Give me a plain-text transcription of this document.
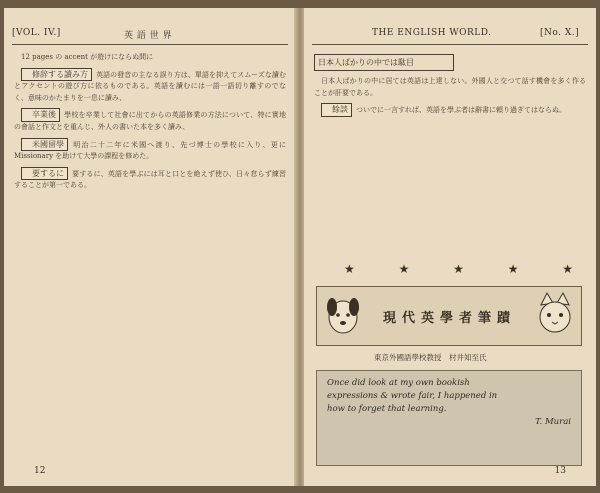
[VOL. IV.]	英 語 世 界

12 pages の accent が遊けにならぬ間に

修辞する讀み方 英語の發音の主なる誤り方は、單語を抑えてスムーズな讀むとアクセントの遊び方に依るものである。英語を讀むには一語一語切り離すのでなく、意味のかたまりを一息に讀み、

卒業後 學校を卒業して社會に出てからの英語修業の方法について、特に實地の會話と作文とを重んじ、外人の書いた本を多く讀み、

米國留學 明治二十二年に米國へ渡り、先づ博士の學校に入り、更に Missionary を助けて大學の課程を修めた。

要するに 要するに、英語を學ぶには耳と口とを絶えず使ひ、日々怠らず練習することが第一である。

12
THE ENGLISH WORLD.	[No. X.]
日本人ばかりの中では駄目

日本人ばかりの中に居ては英語は上達しない。外國人と交つて話す機會を多く作ることが肝要である。

餘談 ついでに一言すれば、英語を學ぶ者は辭書に頼り過ぎてはならぬ。

★ ★ ★ ★ ★
現代英學者筆蹟
東京外國語學校教授　村井知至氏
Once did look at my own bookish
expressions & wrote fair, I happened in
how to forget that learning.
T. Murai
13
